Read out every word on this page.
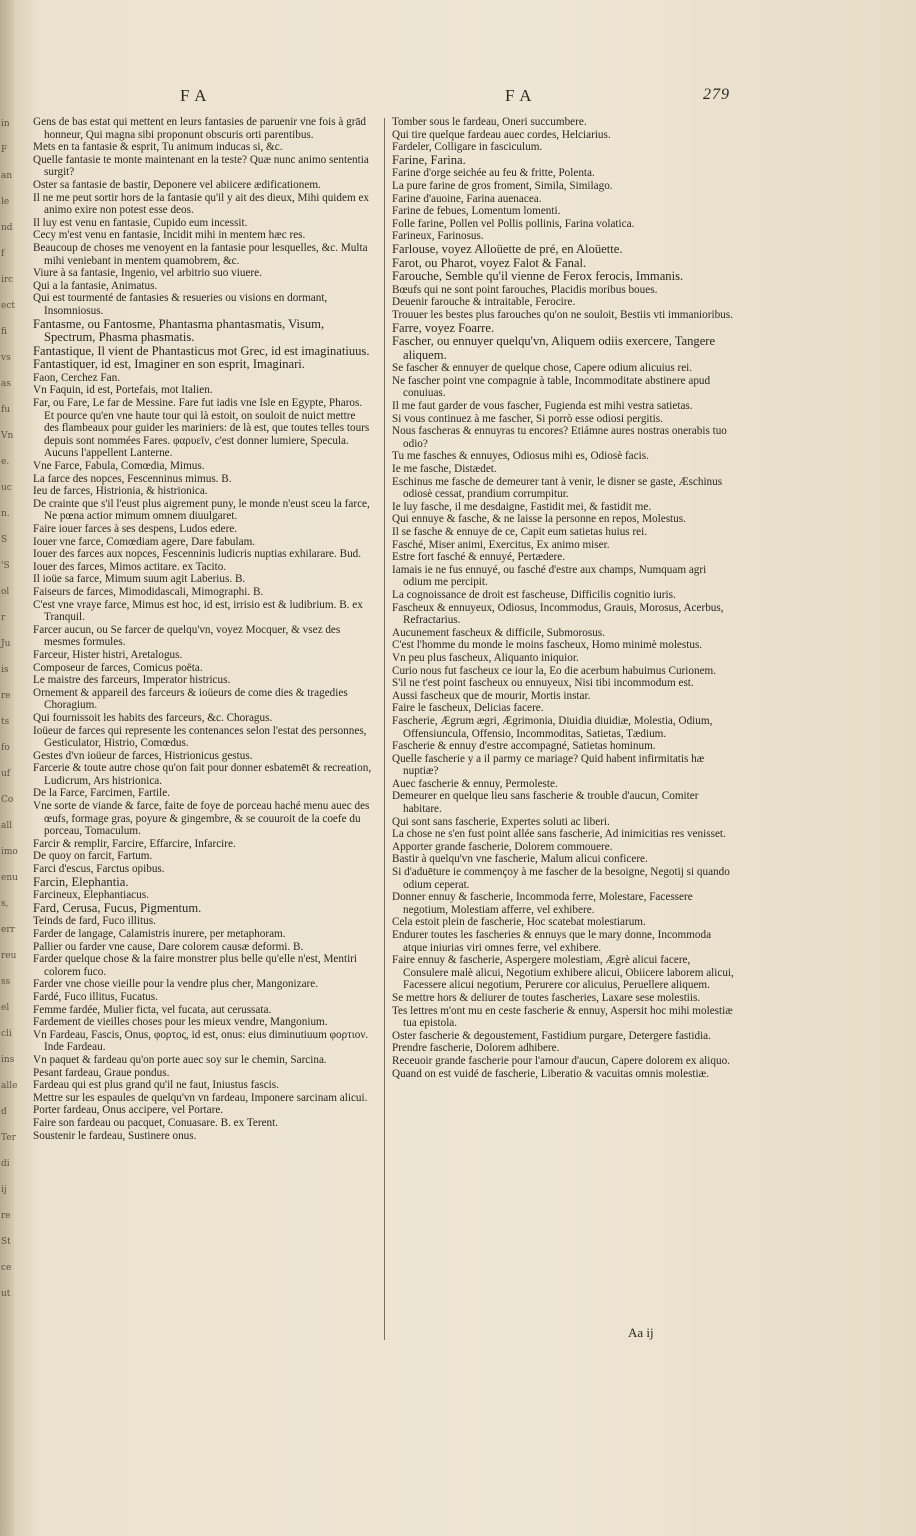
in
F
an
le
nd
f
irc
ect
fi
vs
as
fu
Vn
e.
uc
n.
S
'S
ol
r
Ju
is
re
ts
fo
uf
Co
all
imo
enu
s,
err
reu
ss
el
cli
ins
alle
d
Ter
di
ij
re
St
ce
ut
FA	FA	279

Gens de bas estat qui mettent en leurs fantasies de paruenir vne fois à grād honneur, Qui magna sibi proponunt obscuris orti parentibus.

Mets en ta fantasie & esprit, Tu animum inducas si, &c.

Quelle fantasie te monte maintenant en la teste? Quæ nunc animo sententia surgit?

Oster sa fantasie de bastir, Deponere vel abiicere ædificationem.

Il ne me peut sortir hors de la fantasie qu'il y ait des dieux, Mihi quidem ex animo exire non potest esse deos.

Il luy est venu en fantasie, Cupido eum incessit.

Cecy m'est venu en fantasie, Incidit mihi in mentem hæc res.

Beaucoup de choses me venoyent en la fantasie pour lesquelles, &c. Multa mihi veniebant in mentem quamobrem, &c.

Viure à sa fantasie, Ingenio, vel arbitrio suo viuere.

Qui a la fantasie, Animatus.

Qui est tourmenté de fantasies & resueries ou visions en dormant, Insomniosus.

Fantasme, ou Fantosme, Phantasma phantasmatis, Visum, Spectrum, Phasma phasmatis.

Fantastique, Il vient de Phantasticus mot Grec, id est imaginatiuus.

Fantastiquer, id est, Imaginer en son esprit, Imaginari.

Faon, Cerchez Fan.

Vn Faquin, id est, Portefais, mot Italien.

Far, ou Fare, Le far de Messine. Fare fut iadis vne Isle en Egypte, Pharos. Et pource qu'en vne haute tour qui là estoit, on souloit de nuict mettre des flambeaux pour guider les mariniers: de là est, que toutes telles tours depuis sont nommées Fares. φαρυεῖν, c'est donner lumiere, Specula. Aucuns l'appellent Lanterne.

Vne Farce, Fabula, Comœdia, Mimus.

La farce des nopces, Fescenninus mimus. B.

Ieu de farces, Histrionia, & histrionica.

De crainte que s'il l'eust plus aigrement puny, le monde n'eust sceu la farce, Ne pœna actior mimum omnem diuulgaret.

Faire iouer farces à ses despens, Ludos edere.

Iouer vne farce, Comœdiam agere, Dare fabulam.

Iouer des farces aux nopces, Fescenninis ludicris nuptias exhilarare. Bud.

Iouer des farces, Mimos actitare. ex Tacito.

Il ioüe sa farce, Mimum suum agit Laberius. B.

Faiseurs de farces, Mimodidascali, Mimographi. B.

C'est vne vraye farce, Mimus est hoc, id est, irrisio est & ludibrium. B. ex Tranquil.

Farcer aucun, ou Se farcer de quelqu'vn, voyez Mocquer, & vsez des mesmes formules.

Farceur, Hister histri, Aretalogus.

Composeur de farces, Comicus poëta.

Le maistre des farceurs, Imperator histricus.

Ornement & appareil des farceurs & ioüeurs de come dies & tragedies Choragium.

Qui fournissoit les habits des farceurs, &c. Choragus.

Ioüeur de farces qui represente les contenances selon l'estat des personnes, Gesticulator, Histrio, Comœdus.

Gestes d'vn ioüeur de farces, Histrionicus gestus.

Farcerie & toute autre chose qu'on fait pour donner esbatemēt & recreation, Ludicrum, Ars histrionica.

De la Farce, Farcimen, Fartile.

Vne sorte de viande & farce, faite de foye de porceau haché menu auec des œufs, formage gras, poyure & gingembre, & se couuroit de la coefe du porceau, Tomaculum.

Farcir & remplir, Farcire, Effarcire, Infarcire.

De quoy on farcit, Fartum.

Farci d'escus, Farctus opibus.

Farcin, Elephantia.

Farcineux, Elephantiacus.

Fard, Cerusa, Fucus, Pigmentum.

Teinds de fard, Fuco illitus.

Farder de langage, Calamistris inurere, per metaphoram.

Pallier ou farder vne cause, Dare colorem causæ deformi. B.

Farder quelque chose & la faire monstrer plus belle qu'elle n'est, Mentiri colorem fuco.

Farder vne chose vieille pour la vendre plus cher, Mangonizare.

Fardé, Fuco illitus, Fucatus.

Femme fardée, Mulier ficta, vel fucata, aut cerussata.

Fardement de vieilles choses pour les mieux vendre, Mangonium.

Vn Fardeau, Fascis, Onus, φορτος, id est, onus: eius diminutiuum φορτιον. Inde Fardeau.

Vn paquet & fardeau qu'on porte auec soy sur le chemin, Sarcina.

Pesant fardeau, Graue pondus.

Fardeau qui est plus grand qu'il ne faut, Iniustus fascis.

Mettre sur les espaules de quelqu'vn vn fardeau, Imponere sarcinam alicui.

Porter fardeau, Onus accipere, vel Portare.

Faire son fardeau ou pacquet, Conuasare. B. ex Terent.

Soustenir le fardeau, Sustinere onus.

Tomber sous le fardeau, Oneri succumbere.

Qui tire quelque fardeau auec cordes, Helciarius.

Fardeler, Colligare in fasciculum.

Farine, Farina.

Farine d'orge seichée au feu & fritte, Polenta.

La pure farine de gros froment, Simila, Similago.

Farine d'auoine, Farina auenacea.

Farine de febues, Lomentum lomenti.

Folle farine, Pollen vel Pollis pollinis, Farina volatica.

Farineux, Farinosus.

Farlouse, voyez Alloüette de pré, en Aloüette.

Farot, ou Pharot, voyez Falot & Fanal.

Farouche, Semble qu'il vienne de Ferox ferocis, Immanis.

Bœufs qui ne sont point farouches, Placidis moribus boues.

Deuenir farouche & intraitable, Ferocire.

Trouuer les bestes plus farouches qu'on ne souloit, Bestiis vti immanioribus.

Farre, voyez Foarre.

Fascher, ou ennuyer quelqu'vn, Aliquem odiis exercere, Tangere aliquem.

Se fascher & ennuyer de quelque chose, Capere odium alicuius rei.

Ne fascher point vne compagnie à table, Incommoditate abstinere apud conuiuas.

Il me faut garder de vous fascher, Fugienda est mihi vestra satietas.

Si vous continuez à me fascher, Si porrò esse odiosi pergitis.

Nous fascheras & ennuyras tu encores? Etiámne aures nostras onerabis tuo odio?

Tu me fasches & ennuyes, Odiosus mihi es, Odiosè facis.

Ie me fasche, Distædet.

Eschinus me fasche de demeurer tant à venir, le disner se gaste, Æschinus odiosè cessat, prandium corrumpitur.

Ie luy fasche, il me desdaigne, Fastidit mei, & fastidit me.

Qui ennuye & fasche, & ne laisse la personne en repos, Molestus.

Il se fasche & ennuye de ce, Capit eum satietas huius rei.

Fasché, Miser animi, Exercitus, Ex animo miser.

Estre fort fasché & ennuyé, Pertædere.

Iamais ie ne fus ennuyé, ou fasché d'estre aux champs, Numquam agri odium me percipit.

La cognoissance de droit est fascheuse, Difficilis cognitio iuris.

Fascheux & ennuyeux, Odiosus, Incommodus, Grauis, Morosus, Acerbus, Refractarius.

Aucunement fascheux & difficile, Submorosus.

C'est l'homme du monde le moins fascheux, Homo minimè molestus.

Vn peu plus fascheux, Aliquanto iniquior.

Curio nous fut fascheux ce iour la, Eo die acerbum habuimus Curionem.

S'il ne t'est point fascheux ou ennuyeux, Nisi tibi incommodum est.

Aussi fascheux que de mourir, Mortis instar.

Faire le fascheux, Delicias facere.

Fascherie, Ægrum ægri, Ægrimonia, Diuidia diuidiæ, Molestia, Odium, Offensiuncula, Offensio, Incommoditas, Satietas, Tædium.

Fascherie & ennuy d'estre accompagné, Satietas hominum.

Quelle fascherie y a il parmy ce mariage? Quid habent infirmitatis hæ nuptiæ?

Auec fascherie & ennuy, Permoleste.

Demeurer en quelque lieu sans fascherie & trouble d'aucun, Comiter habitare.

Qui sont sans fascherie, Expertes soluti ac liberi.

La chose ne s'en fust point allée sans fascherie, Ad inimicitias res venisset.

Apporter grande fascherie, Dolorem commouere.

Bastir à quelqu'vn vne fascherie, Malum alicui conficere.

Si d'aduēture ie commençoy à me fascher de la besoigne, Negotij si quando odium ceperat.

Donner ennuy & fascherie, Incommoda ferre, Molestare, Facessere negotium, Molestiam afferre, vel exhibere.

Cela estoit plein de fascherie, Hoc scatebat molestiarum.

Endurer toutes les fascheries & ennuys que le mary donne, Incommoda atque iniurias viri omnes ferre, vel exhibere.

Faire ennuy & fascherie, Aspergere molestiam, Ægrè alicui facere, Consulere malè alicui, Negotium exhibere alicui, Obiicere laborem alicui, Facessere alicui negotium, Perurere cor alicuius, Peruellere aliquem.

Se mettre hors & deliurer de toutes fascheries, Laxare sese molestiis.

Tes lettres m'ont mu en ceste fascherie & ennuy, Aspersit hoc mihi molestiæ tua epistola.

Oster fascherie & degoustement, Fastidium purgare, Detergere fastidia.

Prendre fascherie, Dolorem adhibere.

Receuoir grande fascherie pour l'amour d'aucun, Capere dolorem ex aliquo.

Quand on est vuidé de fascherie, Liberatio & vacuitas omnis molestiæ.

Aa ij
